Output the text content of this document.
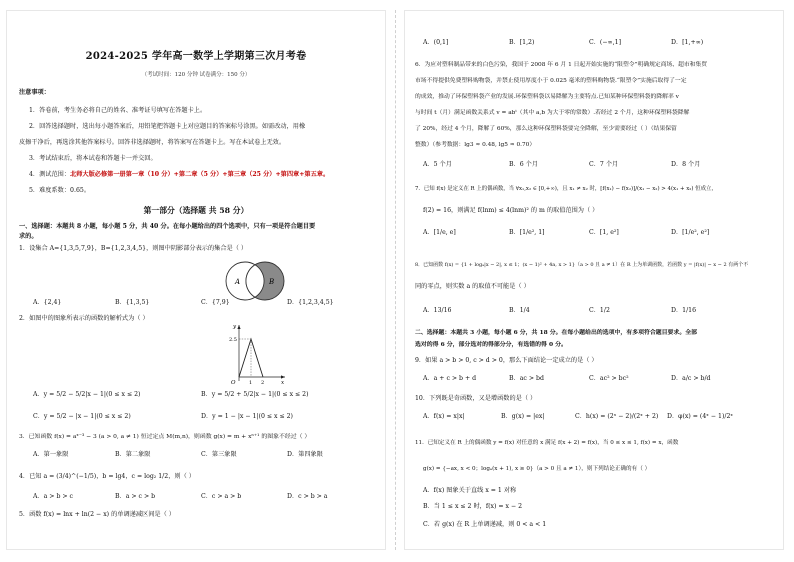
2024-2025 学年高一数学上学期第三次月考卷
（考试时间：120 分钟 试卷满分：150 分）
注意事项：
1．答卷前，考生务必将自己的姓名、准考证号填写在答题卡上。
2．回答选择题时，选出每小题答案后，用铅笔把答题卡上对应题目的答案标号涂黑。如需改动，用橡
皮擦干净后，再选涂其他答案标号。回答非选择题时，将答案写在答题卡上。写在本试卷上无效。
3．考试结束后，将本试卷和答题卡一并交回。
4．测试范围：北师大版必修第一册第一章（10 分）+第二章（5 分）+第三章（25 分）+第四章+第五章。
5．难度系数：0.65。
第一部分（选择题 共 58 分）
一、选择题：本题共 8 小题，每小题 5 分，共 40 分。在每小题给出的四个选项中，只有一项是符合题目要
求的。
1．设集合 A={1,3,5,7,9}，B={1,2,3,4,5}，则图中阴影部分表示的集合是（ ）
A	B
A．{2,4}	B．{1,3,5}	C．{7,9}	D．{1,2,3,4,5}
2．如图中的图象所表示的函数的解析式为（ ）
y
x
O
2.5
1 2
A．y = 5/2 − 5/2|x − 1|(0 ≤ x ≤ 2)	B．y = 5/2 + 5/2|x − 1|(0 ≤ x ≤ 2)
C．y = 5/2 − |x − 1|(0 ≤ x ≤ 2)	D．y = 1 − |x − 1|(0 ≤ x ≤ 2)
3．已知函数 f(x) = aˣ⁻³ − 3 (a > 0, a ≠ 1) 恒过定点 M(m,n)，则函数 g(x) = m + xⁿ⁺¹ 的图象不经过（ ）
A．第一象限	B．第二象限	C．第三象限	D．第四象限
4．已知 a = (3/4)^(−1/5)，b = lg4，c = log₂ 1/2，则（ ）
A．a > b > c	B．a > c > b	C．c > a > b	D．c > b > a
5．函数 f(x) = lnx + ln(2 − x) 的单调递减区间是（ ）
A．(0,1]	B．[1,2)	C．(−∞,1]	D．[1,+∞)
6．为应对塑料制品带来的白色污染，我国于 2008 年 6 月 1 日起开始实施的“限塑令”明确规定商场、超市和集贸
市场不得提供免费塑料购物袋，并禁止使用厚度小于 0.025 毫米的塑料购物袋.“限塑令”实施后取得了一定
的成效，推动了环保塑料袋产业的发展.环保塑料袋以易降解为主要特点.已知某种环保塑料袋的降解率 v
与时间 t（月）满足函数关系式 v = abᵗ（其中 a,b 为大于零的常数）.若经过 2 个月，这种环保塑料袋降解
了 20%，经过 4 个月，降解了 60%，那么这种环保塑料袋要完全降解，至少需要经过（ ）（结果保留
整数）（参考数据：lg3 ≈ 0.48, lg5 ≈ 0.70）
A．5 个月	B．6 个月	C．7 个月	D．8 个月
7．已知 f(x) 是定义在 R 上的偶函数，当 ∀x₁,x₂ ∈ [0,+∞)，且 x₁ ≠ x₂ 时，[f(x₁) − f(x₂)]/(x₁ − x₂) > 4(x₁ + x₂) 恒成立，
f(2) = 16，则满足 f(lnm) ≤ 4(lnm)² 的 m 的取值范围为（ ）
A．[1/e, e]	B．[1/e², 1]	C．[1, e²]	D．[1/e², e²]
8．已知函数 f(x) = {1 + logₐ|x − 2|, x ≤ 1；(x − 1)² + 4a, x > 1}（a > 0 且 a ≠ 1）在 R 上为单调函数，若函数 y = |f(x)| − x − 2 有两个不
同的零点，则实数 a 的取值不可能是（ ）
A．13/16	B．1/4	C．1/2	D．1/16
二、选择题：本题共 3 小题，每小题 6 分，共 18 分。在每小题给出的选项中，有多项符合题目要求。全部
选对的得 6 分，部分选对的得部分分，有选错的得 0 分。
9．如果 a > b > 0, c > d > 0，那么下面结论一定成立的是（ ）
A．a + c > b + d	B．ac > bd	C．ac² > bc²	D．a/c > b/d
10．下列既是奇函数，又是增函数的是（ ）
A．f(x) = x|x|	B．g(x) = |ex|	C．h(x) = (2ˣ − 2)/(2ˣ + 2) D．φ(x) = (4ˣ − 1)/2ˣ
11．已知定义在 R 上的偶函数 y = f(x) 对任意的 x 满足 f(x + 2) = f(x)，当 0 ≤ x ≤ 1, f(x) = x，函数
g(x) = {−ax, x < 0；logₐ(x + 1), x ≥ 0}（a > 0 且 a ≠ 1），则下列结论正确的有（ ）
A．f(x) 图象关于直线 x = 1 对称
B．当 1 ≤ x ≤ 2 时，f(x) = x − 2
C．若 g(x) 在 R 上单调递减，则 0 < a < 1
